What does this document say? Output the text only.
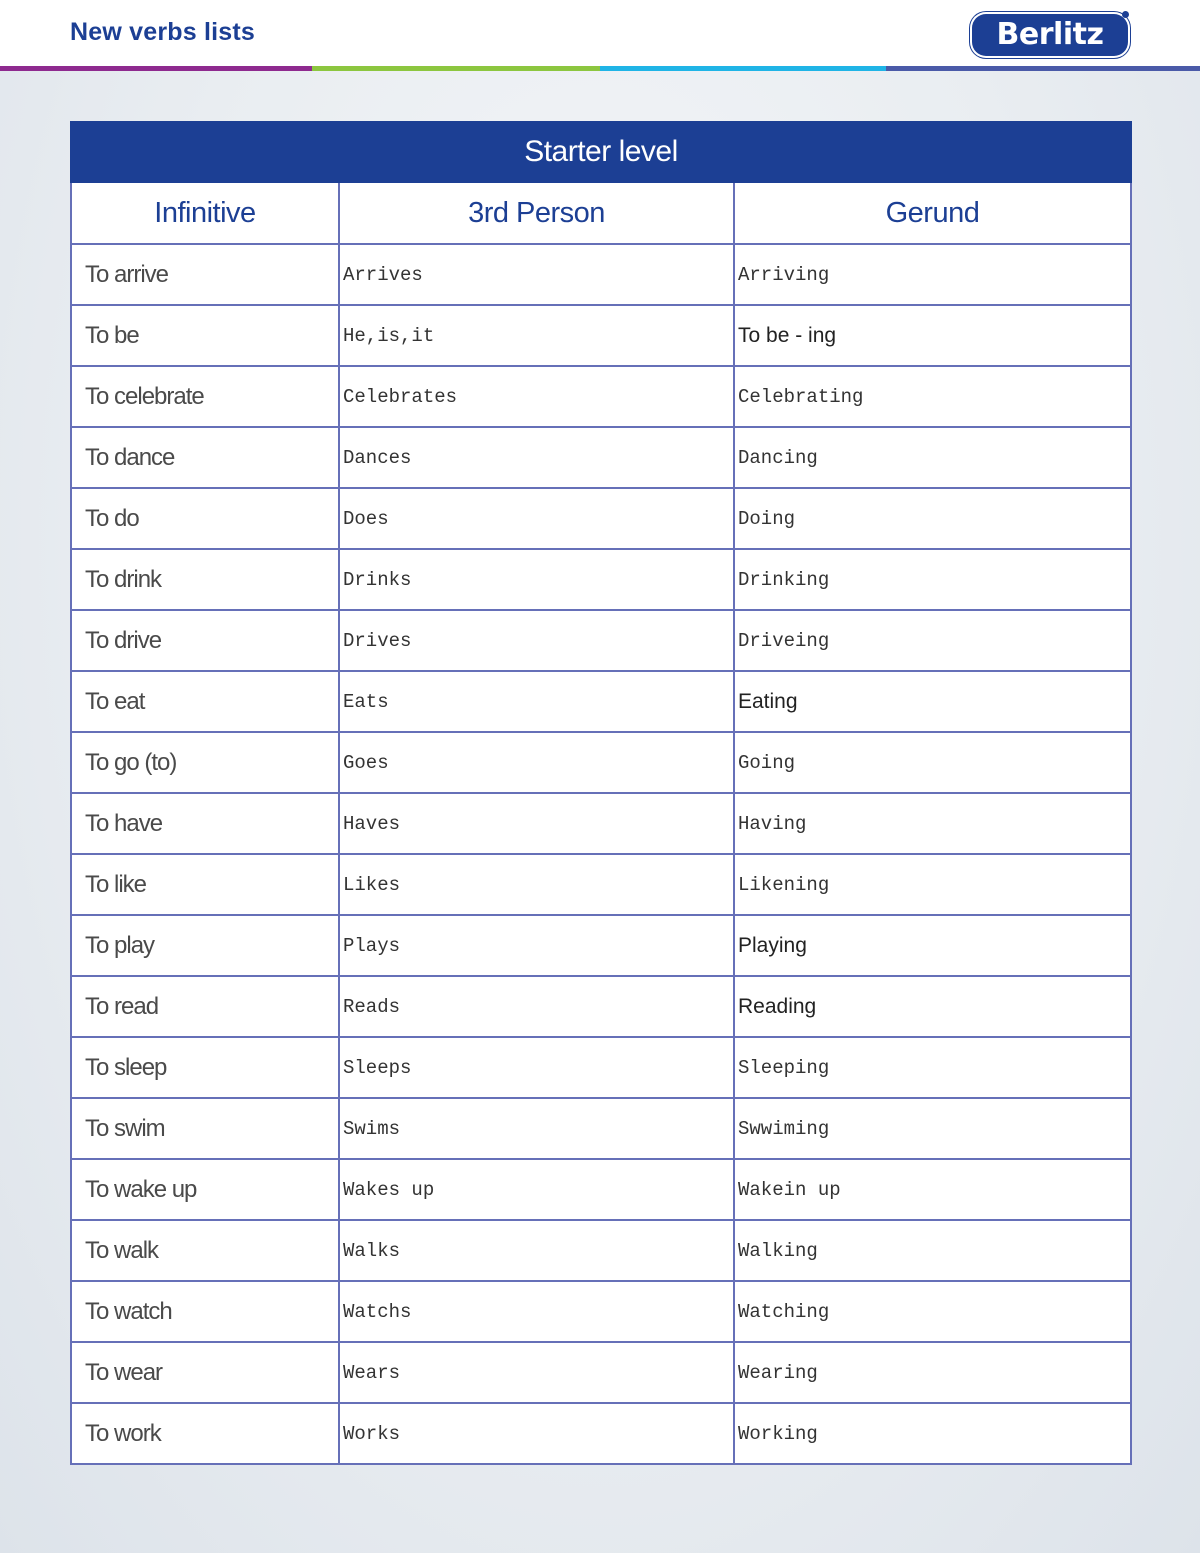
New verbs lists	Berlitz
Starter level		
Infinitive	3rd Person	Gerund
To arrive	Arrives	Arriving
To be	He,is,it	To be - ing
To celebrate	Celebrates	Celebrating
To dance	Dances	Dancing
To do	Does	Doing
To drink	Drinks	Drinking
To drive	Drives	Driveing
To eat	Eats	Eating
To go (to)	Goes	Going
To have	Haves	Having
To like	Likes	Likening
To play	Plays	Playing
To read	Reads	Reading
To sleep	Sleeps	Sleeping
To swim	Swims	Swwiming
To wake up	Wakes up	Wakein up
To walk	Walks	Walking
To watch	Watchs	Watching
To wear	Wears	Wearing
To work	Works	Working
